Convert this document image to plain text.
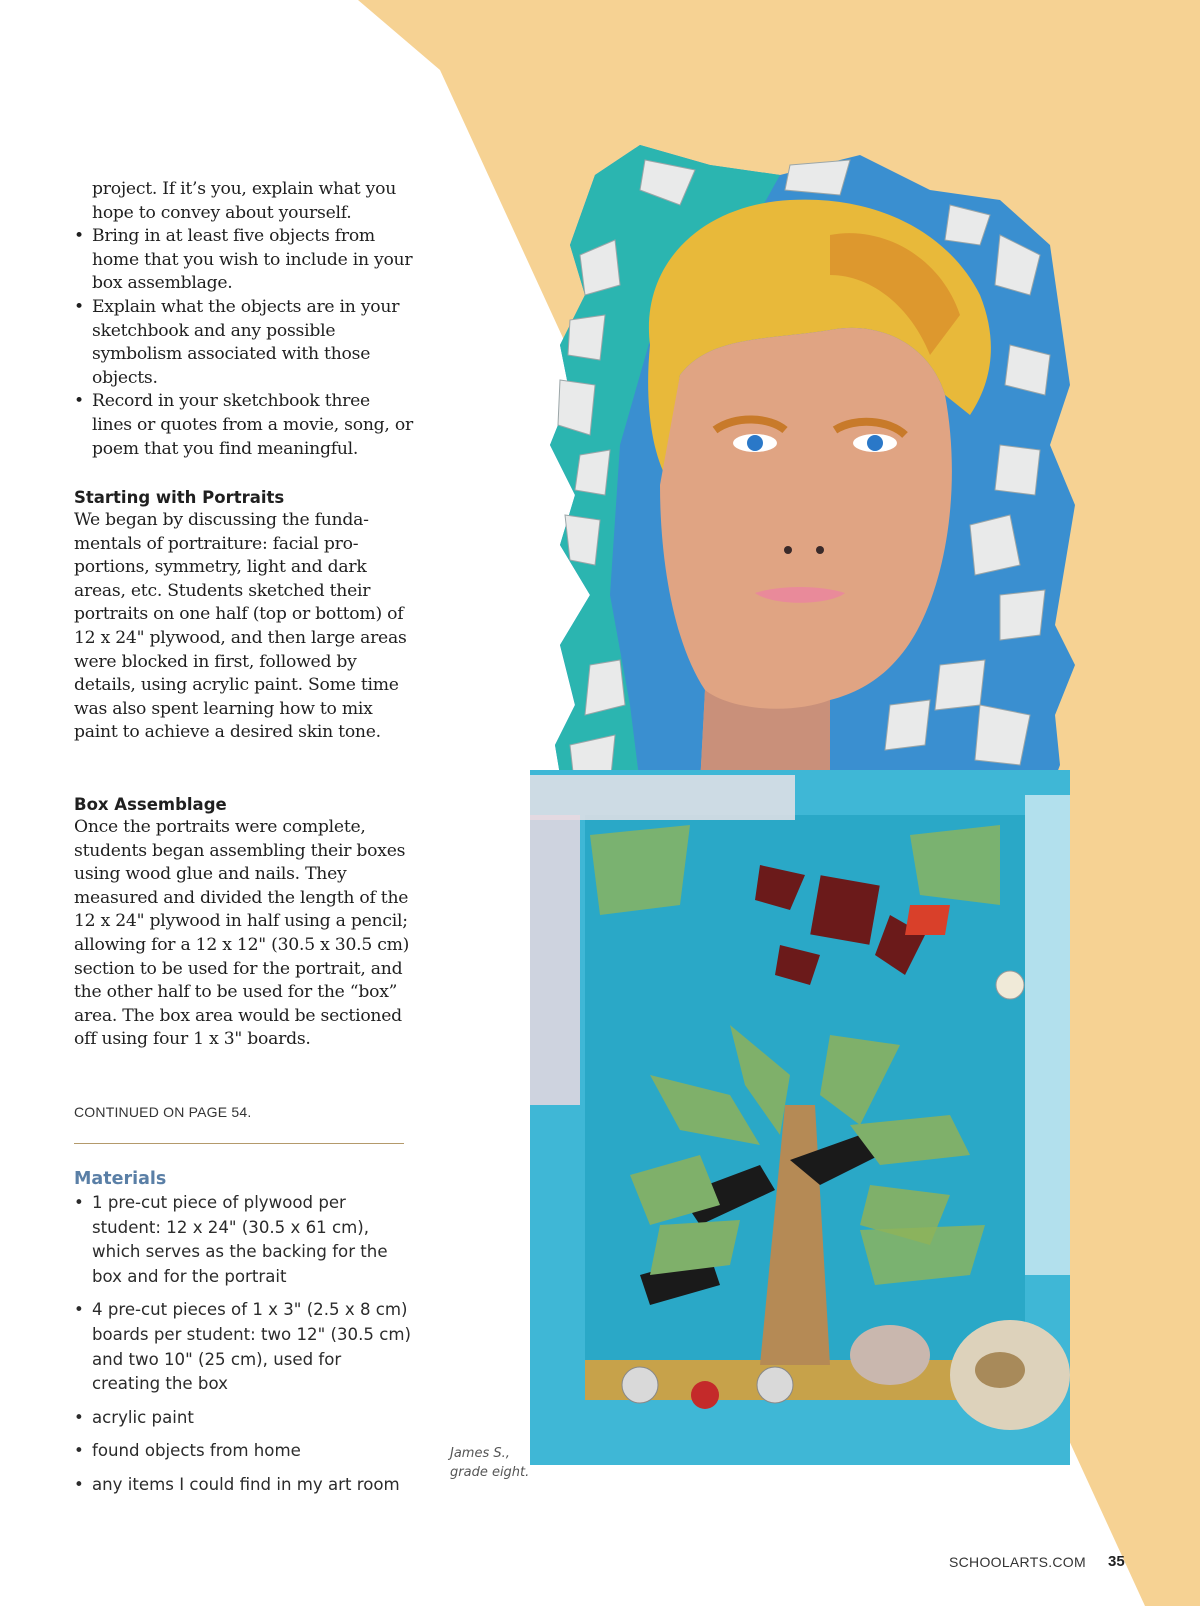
project. If it’s you, explain what you hope to convey about yourself.

• Bring in at least five objects from home that you wish to include in your box assemblage.
• Explain what the objects are in your sketchbook and any possible symbolism associated with those objects.
• Record in your sketchbook three lines or quotes from a movie, song, or poem that you find meaningful.
Starting with Portraits

We began by discussing the fundamentals of portraiture: facial proportions, symmetry, light and dark areas, etc. Students sketched their portraits on one half (top or bottom) of 12 x 24" plywood, and then large areas were blocked in first, followed by details, using acrylic paint. Some time was also spent learning how to mix paint to achieve a desired skin tone.

Box Assemblage

Once the portraits were complete, students began assembling their boxes using wood glue and nails. They measured and divided the length of the 12 x 24" plywood in half using a pencil; allowing for a 12 x 12" (30.5 x 30.5 cm) section to be used for the portrait, and the other half to be used for the “box” area. The box area would be sectioned off using four 1 x 3" boards.

CONTINUED ON PAGE 54.
Materials
• 1 pre-cut piece of plywood per student: 12 x 24" (30.5 x 61 cm), which serves as the backing for the box and for the portrait
• 4 pre-cut pieces of 1 x 3" (2.5 x 8 cm) boards per student: two 12" (30.5 cm) and two 10" (25 cm), used for creating the box
• acrylic paint
• found objects from home
• any items I could find in my art room
James S.,
grade eight.
SCHOOLARTS.COM 35
